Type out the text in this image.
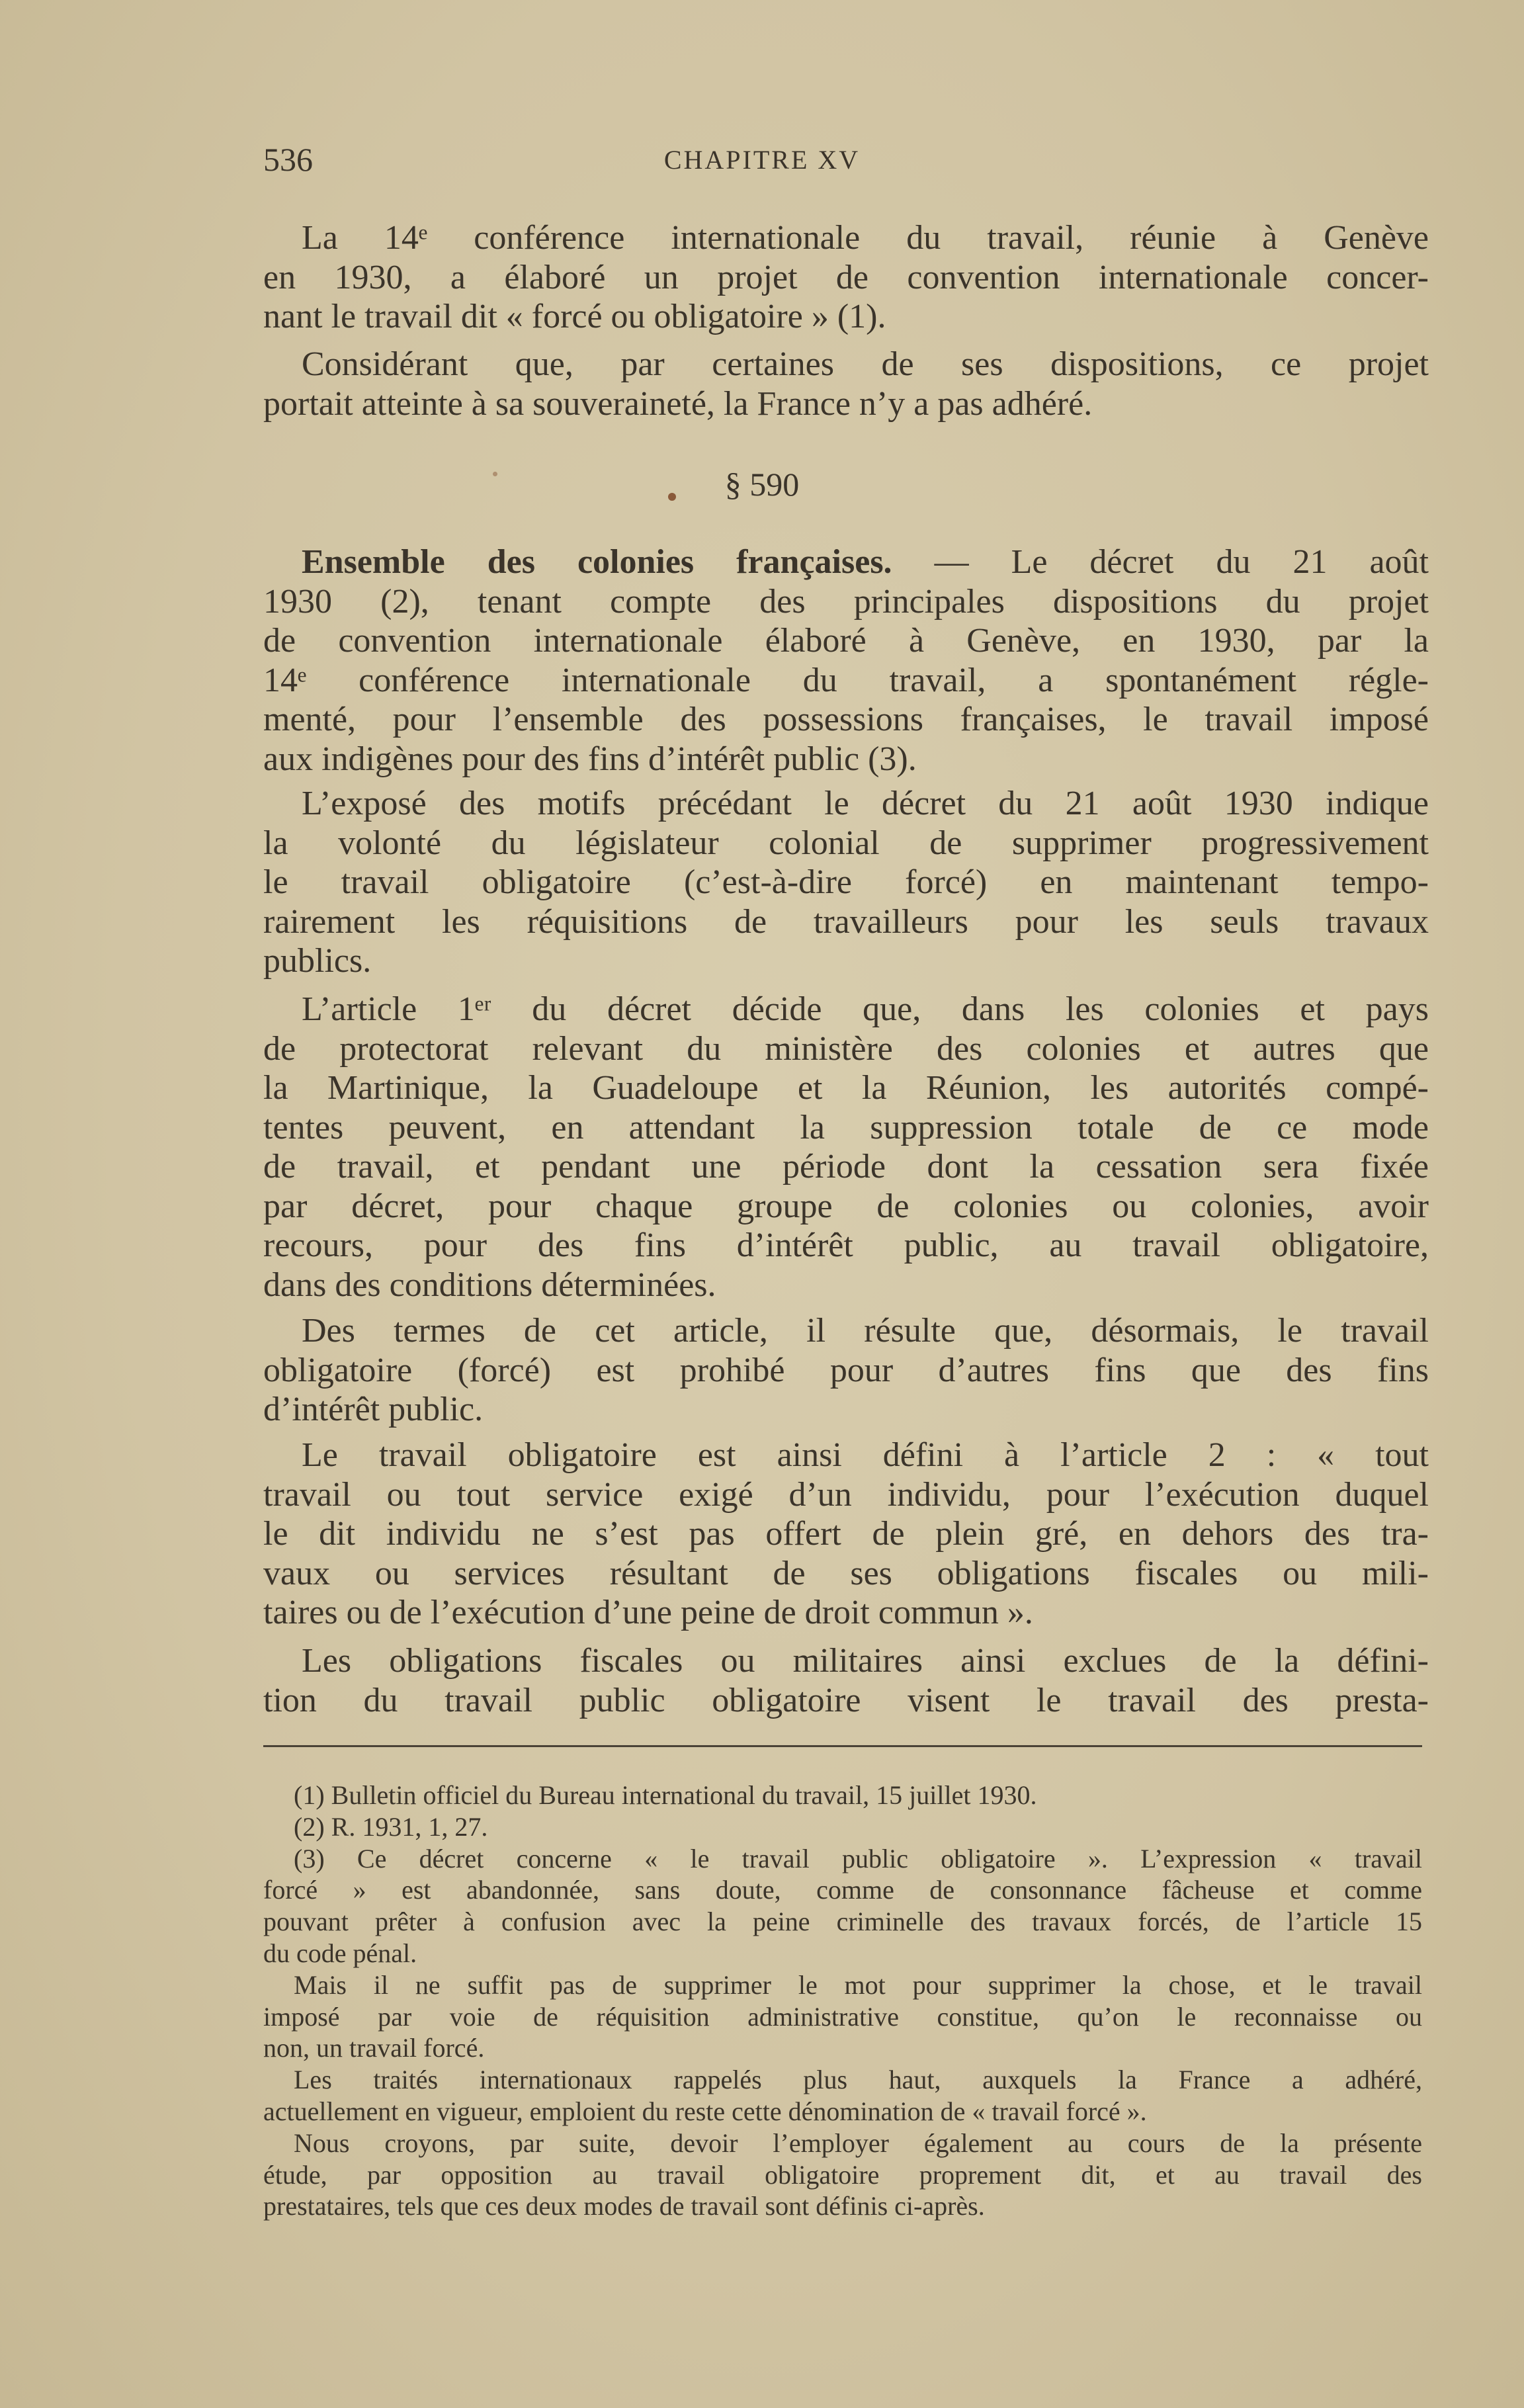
536	CHAPITRE XV
La 14ᵉ conférence internationale du travail, réunie à Genève
en 1930, a élaboré un projet de convention internationale concer-
nant le travail dit « forcé ou obligatoire » (1).
Considérant que, par certaines de ses dispositions, ce projet
portait atteinte à sa souveraineté, la France n’y a pas adhéré.
§ 590
Ensemble des colonies françaises. — Le décret du 21 août
1930 (2), tenant compte des principales dispositions du projet
de convention internationale élaboré à Genève, en 1930, par la
14ᵉ conférence internationale du travail, a spontanément régle-
menté, pour l’ensemble des possessions françaises, le travail imposé
aux indigènes pour des fins d’intérêt public (3).
L’exposé des motifs précédant le décret du 21 août 1930 indique
la volonté du législateur colonial de supprimer progressivement
le travail obligatoire (c’est-à-dire forcé) en maintenant tempo-
rairement les réquisitions de travailleurs pour les seuls travaux
publics.
L’article 1ᵉʳ du décret décide que, dans les colonies et pays
de protectorat relevant du ministère des colonies et autres que
la Martinique, la Guadeloupe et la Réunion, les autorités compé-
tentes peuvent, en attendant la suppression totale de ce mode
de travail, et pendant une période dont la cessation sera fixée
par décret, pour chaque groupe de colonies ou colonies, avoir
recours, pour des fins d’intérêt public, au travail obligatoire,
dans des conditions déterminées.
Des termes de cet article, il résulte que, désormais, le travail
obligatoire (forcé) est prohibé pour d’autres fins que des fins
d’intérêt public.
Le travail obligatoire est ainsi défini à l’article 2 : « tout
travail ou tout service exigé d’un individu, pour l’exécution duquel
le dit individu ne s’est pas offert de plein gré, en dehors des tra-
vaux ou services résultant de ses obligations fiscales ou mili-
taires ou de l’exécution d’une peine de droit commun ».
Les obligations fiscales ou militaires ainsi exclues de la défini-
tion du travail public obligatoire visent le travail des presta-
(1) Bulletin officiel du Bureau international du travail, 15 juillet 1930.
(2) R. 1931, 1, 27.
(3) Ce décret concerne « le travail public obligatoire ». L’expression « travail
forcé » est abandonnée, sans doute, comme de consonnance fâcheuse et comme
pouvant prêter à confusion avec la peine criminelle des travaux forcés, de l’article 15
du code pénal.
Mais il ne suffit pas de supprimer le mot pour supprimer la chose, et le travail
imposé par voie de réquisition administrative constitue, qu’on le reconnaisse ou
non, un travail forcé.
Les traités internationaux rappelés plus haut, auxquels la France a adhéré,
actuellement en vigueur, emploient du reste cette dénomination de « travail forcé ».
Nous croyons, par suite, devoir l’employer également au cours de la présente
étude, par opposition au travail obligatoire proprement dit, et au travail des
prestataires, tels que ces deux modes de travail sont définis ci-après.
